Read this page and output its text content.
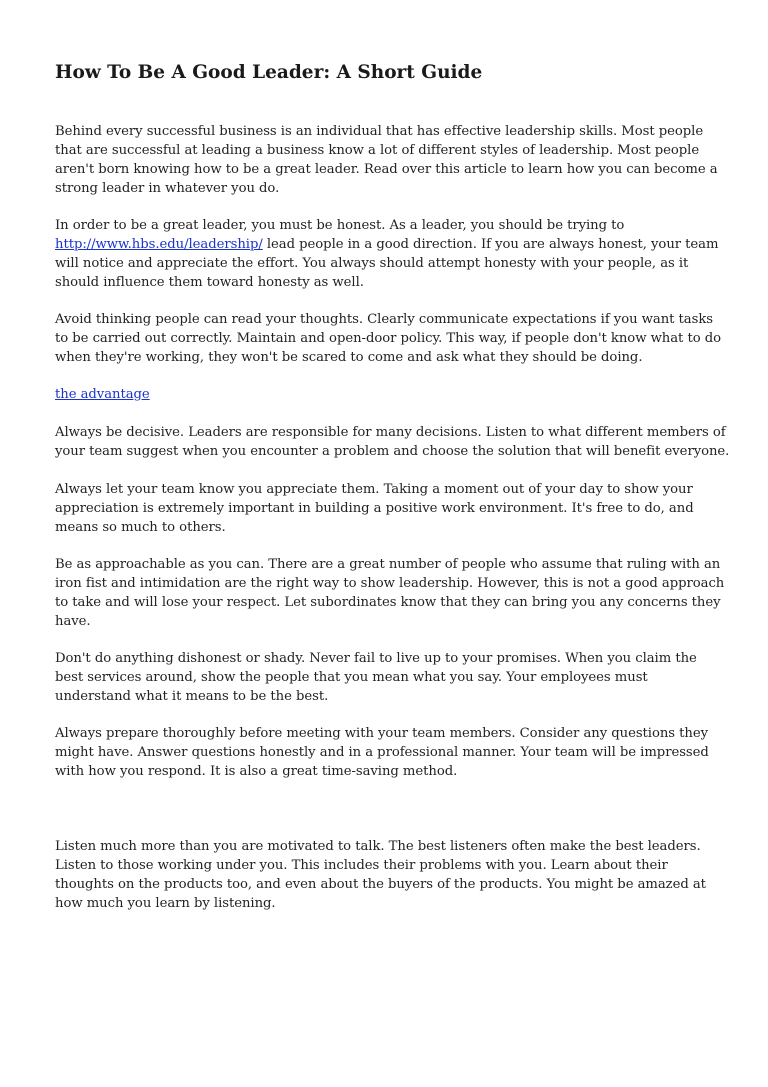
How To Be A Good Leader: A Short Guide

Behind every successful business is an individual that has effective leadership skills. Most people
that are successful at leading a business know a lot of different styles of leadership. Most people
aren't born knowing how to be a great leader. Read over this article to learn how you can become a
strong leader in whatever you do.

In order to be a great leader, you must be honest. As a leader, you should be trying to
http://www.hbs.edu/leadership/ lead people in a good direction. If you are always honest, your team
will notice and appreciate the effort. You always should attempt honesty with your people, as it
should influence them toward honesty as well.

Avoid thinking people can read your thoughts. Clearly communicate expectations if you want tasks
to be carried out correctly. Maintain and open-door policy. This way, if people don't know what to do
when they're working, they won't be scared to come and ask what they should be doing.

the advantage

Always be decisive. Leaders are responsible for many decisions. Listen to what different members of
your team suggest when you encounter a problem and choose the solution that will benefit everyone.

Always let your team know you appreciate them. Taking a moment out of your day to show your
appreciation is extremely important in building a positive work environment. It's free to do, and
means so much to others.

Be as approachable as you can. There are a great number of people who assume that ruling with an
iron fist and intimidation are the right way to show leadership. However, this is not a good approach
to take and will lose your respect. Let subordinates know that they can bring you any concerns they
have.

Don't do anything dishonest or shady. Never fail to live up to your promises. When you claim the
best services around, show the people that you mean what you say. Your employees must
understand what it means to be the best.

Always prepare thoroughly before meeting with your team members. Consider any questions they
might have. Answer questions honestly and in a professional manner. Your team will be impressed
with how you respond. It is also a great time-saving method.

Listen much more than you are motivated to talk. The best listeners often make the best leaders.
Listen to those working under you. This includes their problems with you. Learn about their
thoughts on the products too, and even about the buyers of the products. You might be amazed at
how much you learn by listening.
